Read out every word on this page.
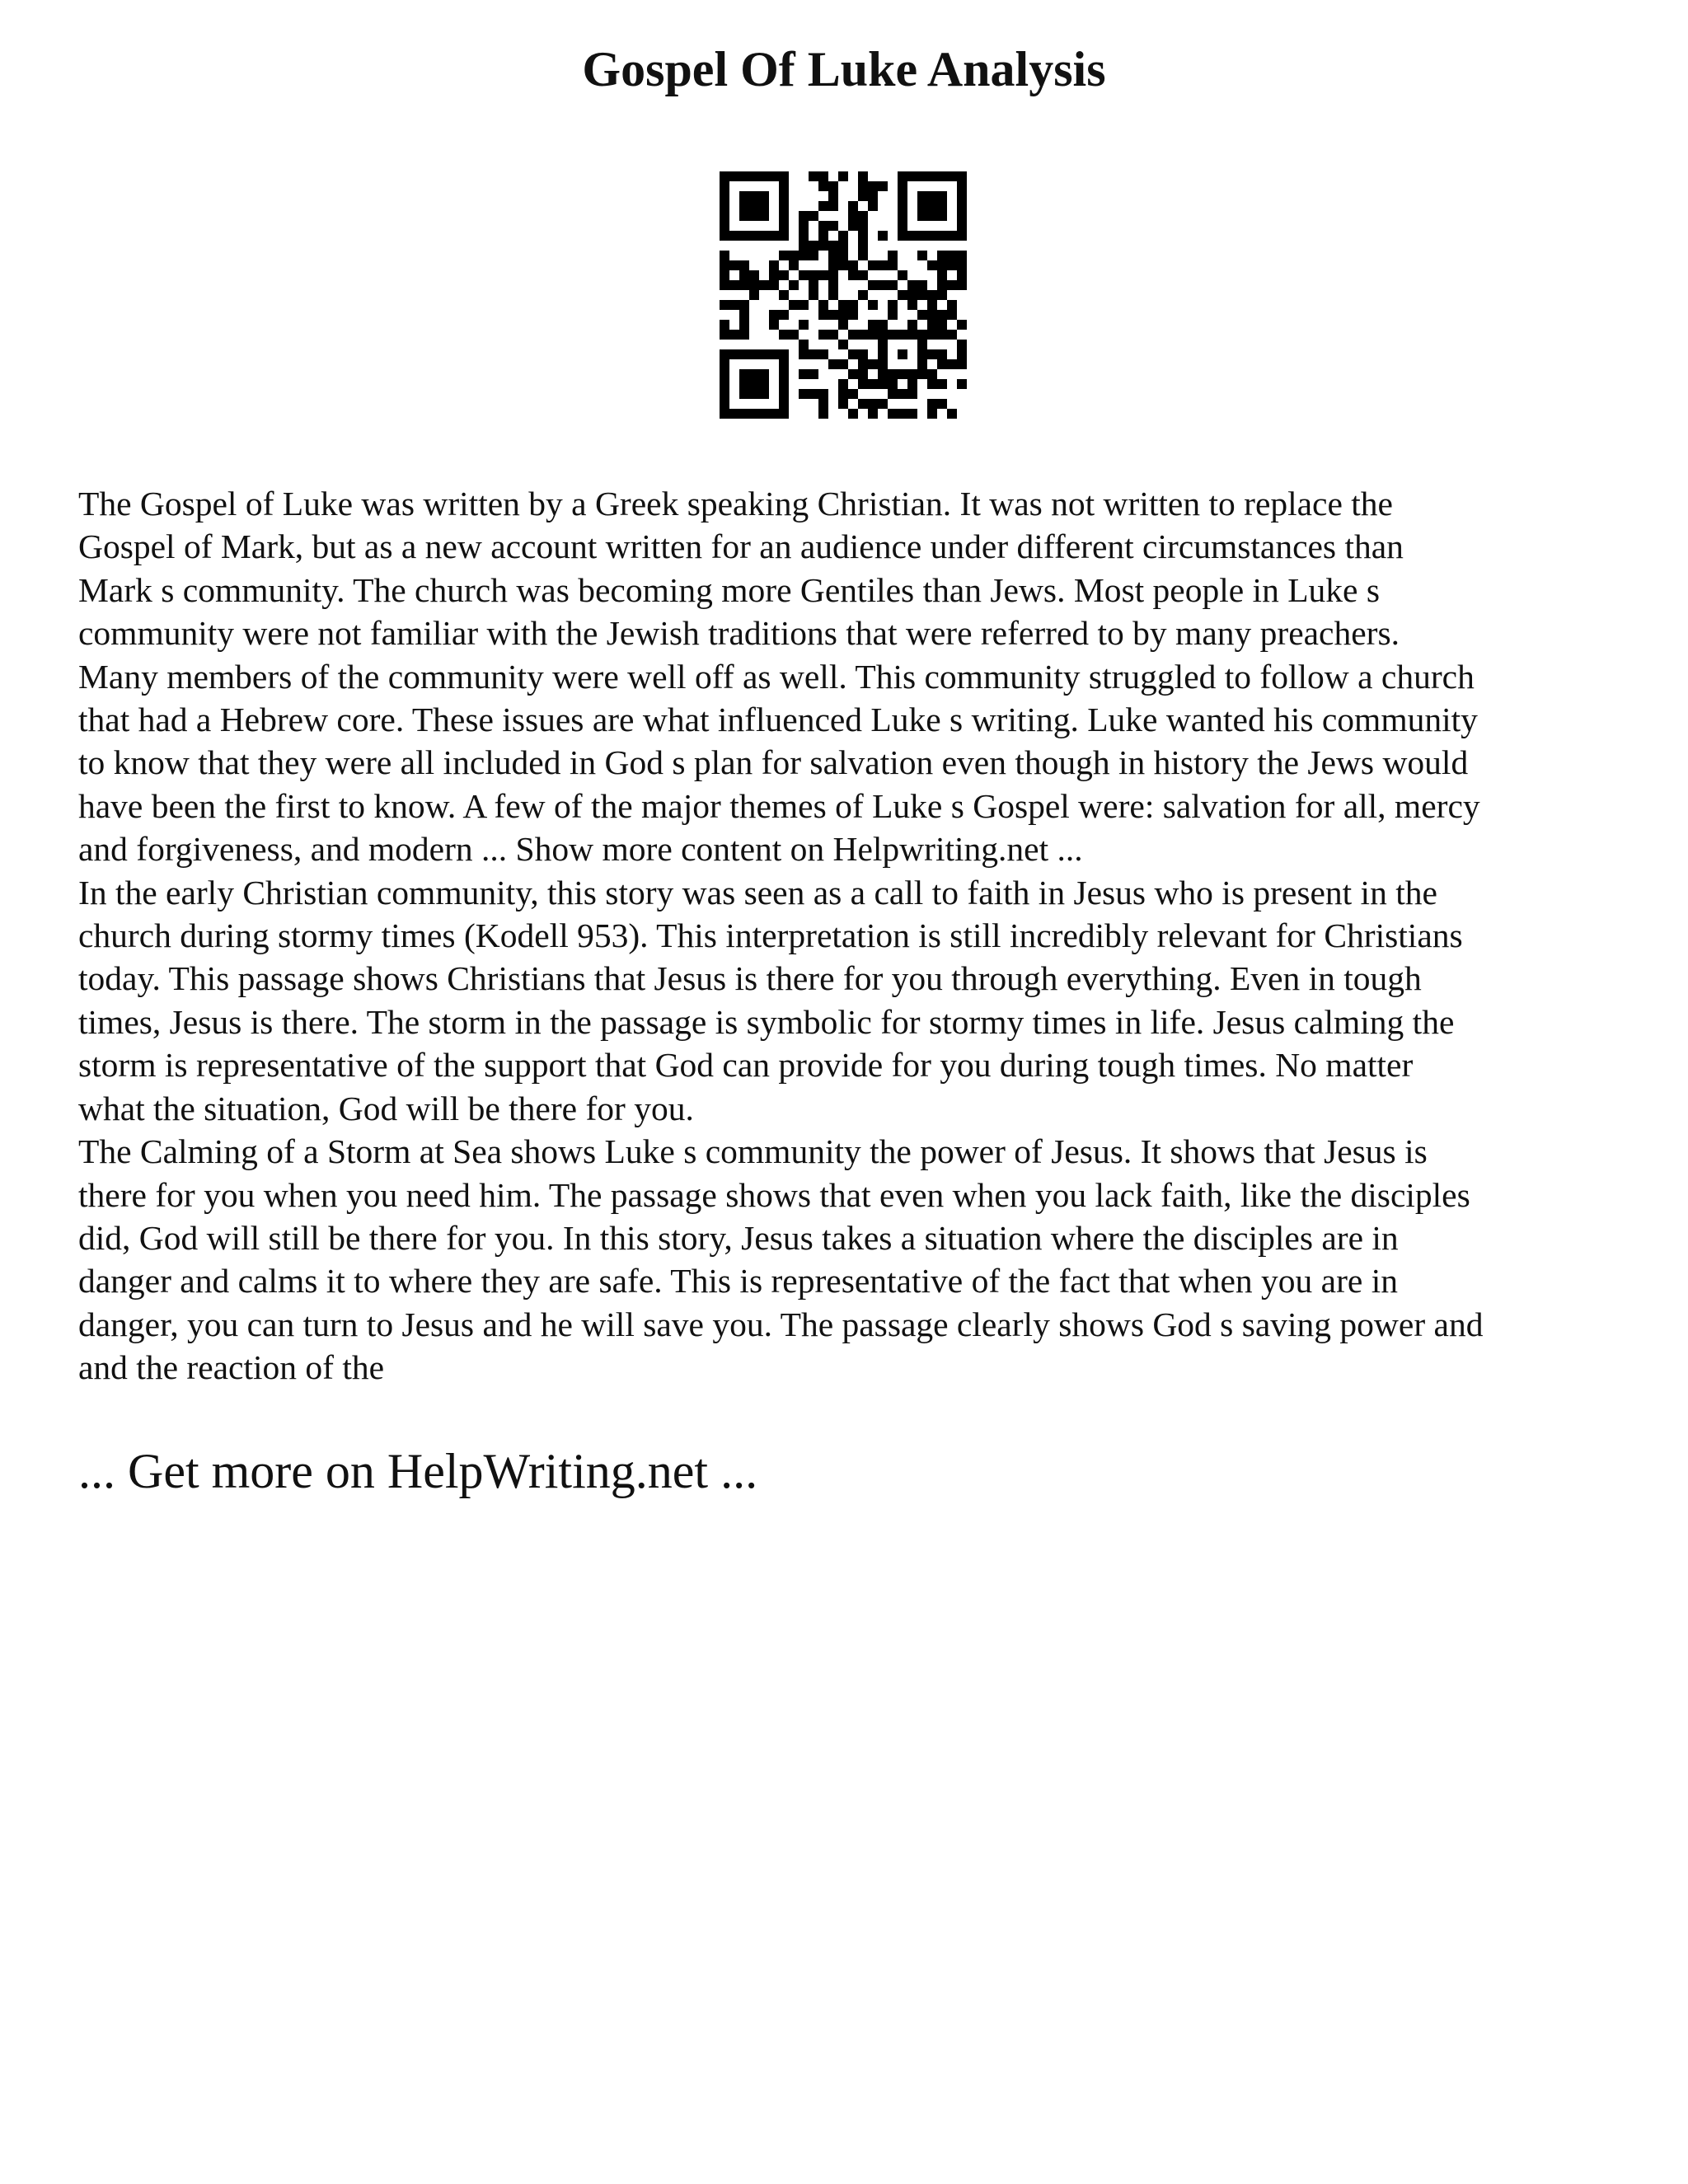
Gospel Of Luke Analysis

The Gospel of Luke was written by a Greek speaking Christian. It was not written to replace the

Gospel of Mark, but as a new account written for an audience under different circumstances than

Mark s community. The church was becoming more Gentiles than Jews. Most people in Luke s

community were not familiar with the Jewish traditions that were referred to by many preachers.

Many members of the community were well off as well. This community struggled to follow a church

that had a Hebrew core. These issues are what influenced Luke s writing. Luke wanted his community

to know that they were all included in God s plan for salvation even though in history the Jews would

have been the first to know. A few of the major themes of Luke s Gospel were: salvation for all, mercy

and forgiveness, and modern ... Show more content on Helpwriting.net ...

In the early Christian community, this story was seen as a call to faith in Jesus who is present in the

church during stormy times (Kodell 953). This interpretation is still incredibly relevant for Christians

today. This passage shows Christians that Jesus is there for you through everything. Even in tough

times, Jesus is there. The storm in the passage is symbolic for stormy times in life. Jesus calming the

storm is representative of the support that God can provide for you during tough times. No matter

what the situation, God will be there for you.

The Calming of a Storm at Sea shows Luke s community the power of Jesus. It shows that Jesus is

there for you when you need him. The passage shows that even when you lack faith, like the disciples

did, God will still be there for you. In this story, Jesus takes a situation where the disciples are in

danger and calms it to where they are safe. This is representative of the fact that when you are in

danger, you can turn to Jesus and he will save you. The passage clearly shows God s saving power and

and the reaction of the

... Get more on HelpWriting.net ...
